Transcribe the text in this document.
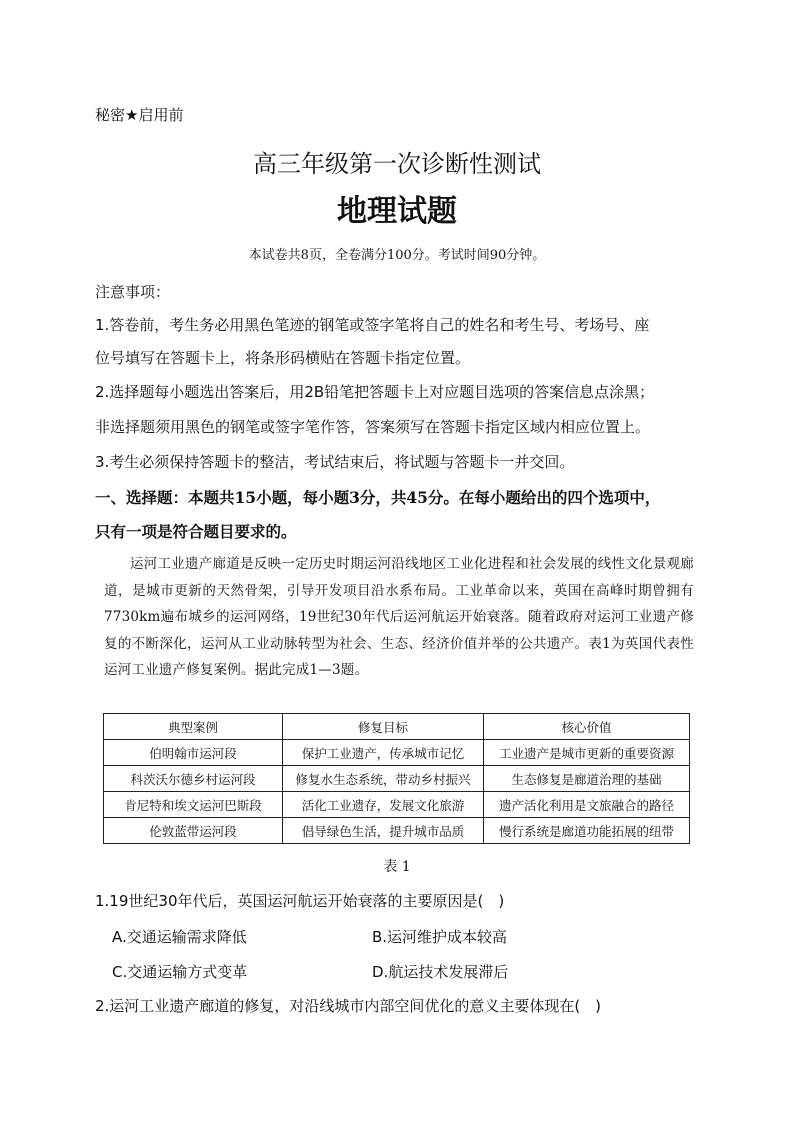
秘密★启用前
高三年级第一次诊断性测试
地理试题
本试卷共8页，全卷满分100分。考试时间90分钟。
注意事项：
1.答卷前，考生务必用黑色笔迹的钢笔或签字笔将自己的姓名和考生号、考场号、座
位号填写在答题卡上，将条形码横贴在答题卡指定位置。
2.选择题每小题选出答案后，用2B铅笔把答题卡上对应题目选项的答案信息点涂黑；
非选择题须用黑色的钢笔或签字笔作答，答案须写在答题卡指定区域内相应位置上。
3.考生必须保持答题卡的整洁，考试结束后，将试题与答题卡一并交回。
一、选择题：本题共15小题，每小题3分，共45分。在每小题给出的四个选项中，
只有一项是符合题目要求的。
运河工业遗产廊道是反映一定历史时期运河沿线地区工业化进程和社会发展的线性文化景观廊道，是城市更新的天然骨架，引导开发项目沿水系布局。工业革命以来，英国在高峰时期曾拥有7730km遍布城乡的运河网络，19世纪30年代后运河航运开始衰落。随着政府对运河工业遗产修复的不断深化，运河从工业动脉转型为社会、生态、经济价值并举的公共遗产。表1为英国代表性运河工业遗产修复案例。据此完成1—3题。
典型案例	修复目标	核心价值
伯明翰市运河段	保护工业遗产，传承城市记忆	工业遗产是城市更新的重要资源
科茨沃尔德乡村运河段	修复水生态系统，带动乡村振兴	生态修复是廊道治理的基础
肯尼特和埃文运河巴斯段	活化工业遗存，发展文化旅游	遗产活化利用是文旅融合的路径
伦敦蓝带运河段	倡导绿色生活，提升城市品质	慢行系统是廊道功能拓展的纽带
表 1
1.19世纪30年代后，英国运河航运开始衰落的主要原因是(　)
A.交通运输需求降低	B.运河维护成本较高
C.交通运输方式变革	D.航运技术发展滞后
2.运河工业遗产廊道的修复，对沿线城市内部空间优化的意义主要体现在(　)
